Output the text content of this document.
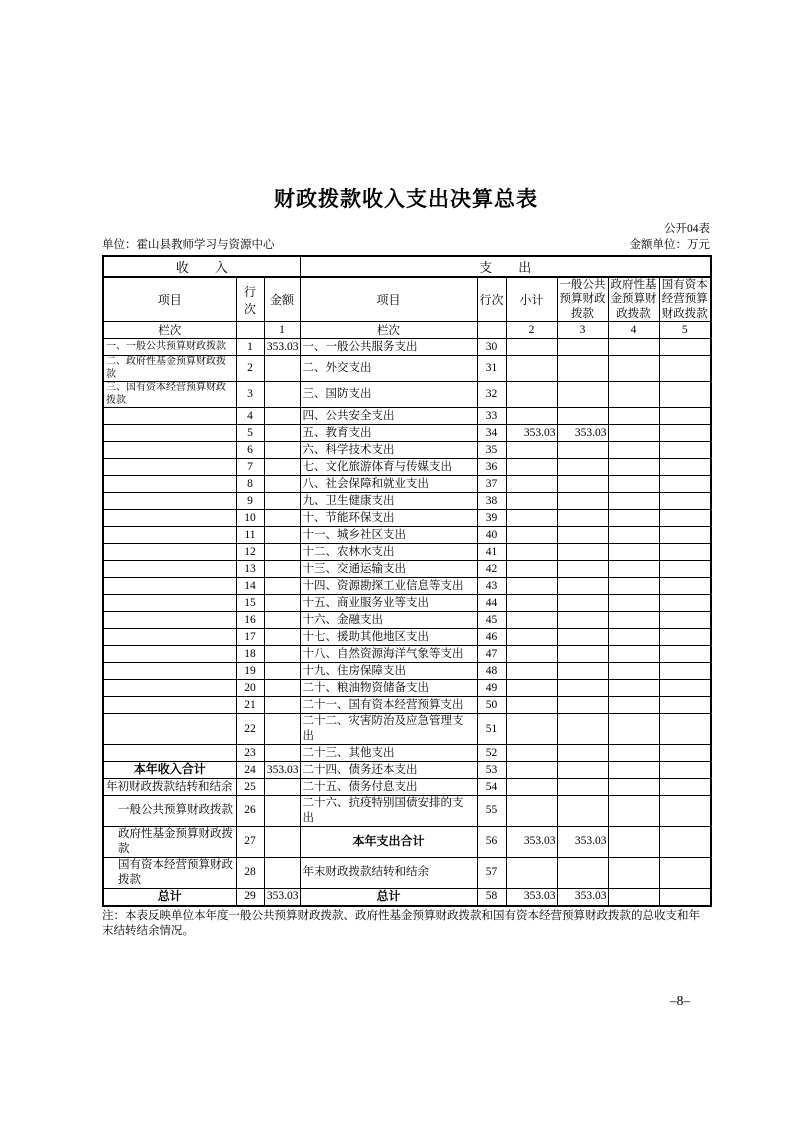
财政拨款收入支出决算总表
公开04表
单位：霍山县教师学习与资源中心	金额单位：万元
收　　入			支　　出					
项目	行次	金额	项目	行次	小计	一般公共预算财政拨款	政府性基金预算财政拨款	国有资本经营预算财政拨款
栏次		1	栏次		2	3	4	5
一、一般公共预算财政拨款	1	353.03	一、一般公共服务支出	30				
二、政府性基金预算财政拨款	2		二、外交支出	31				
三、国有资本经营预算财政拨款	3		三、国防支出	32				
	4		四、公共安全支出	33				
	5		五、教育支出	34	353.03	353.03		
	6		六、科学技术支出	35				
	7		七、文化旅游体育与传媒支出	36				
	8		八、社会保障和就业支出	37				
	9		九、卫生健康支出	38				
	10		十、节能环保支出	39				
	11		十一、城乡社区支出	40				
	12		十二、农林水支出	41				
	13		十三、交通运输支出	42				
	14		十四、资源勘探工业信息等支出	43				
	15		十五、商业服务业等支出	44				
	16		十六、金融支出	45				
	17		十七、援助其他地区支出	46				
	18		十八、自然资源海洋气象等支出	47				
	19		十九、住房保障支出	48				
	20		二十、粮油物资储备支出	49				
	21		二十一、国有资本经营预算支出	50				
	22		二十二、灾害防治及应急管理支出	51				
	23		二十三、其他支出	52				
本年收入合计	24	353.03	二十四、债务还本支出	53				
年初财政拨款结转和结余	25		二十五、债务付息支出	54				
一般公共预算财政拨款	26		二十六、抗疫特别国债安排的支出	55				
政府性基金预算财政拨款	27		本年支出合计	56	353.03	353.03		
国有资本经营预算财政拨款	28		年末财政拨款结转和结余	57				
总计	29	353.03	总计	58	353.03	353.03		
注：本表反映单位本年度一般公共预算财政拨款、政府性基金预算财政拨款和国有资本经营预算财政拨款的总收支和年末结转结余情况。
–8–
